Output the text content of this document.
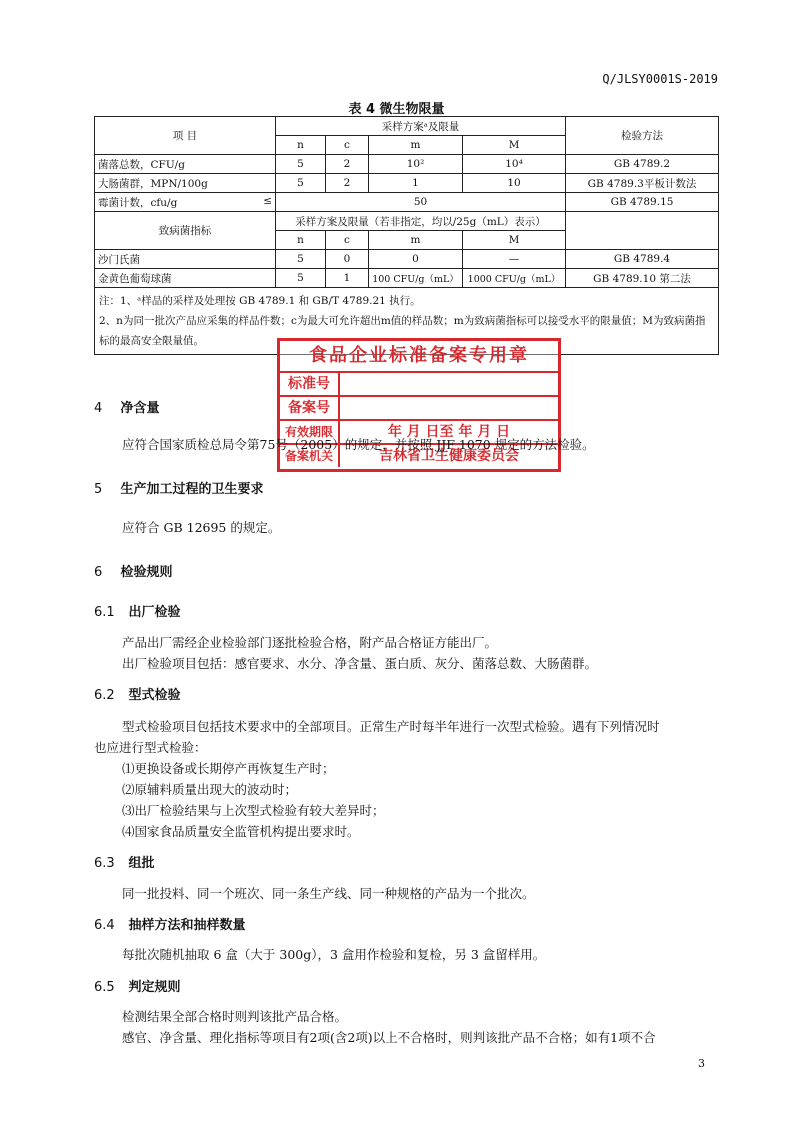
Q/JLSY0001S-2019
表 4 微生物限量
项 目	采样方案ᵃ及限量				检验方法
	n	c	m	M	
菌落总数，CFU/g	5	2	10²	10⁴	GB 4789.2
大肠菌群，MPN/100g	5	2	1	10	GB 4789.3平板计数法
霉菌计数，cfu/g ≤	50				GB 4789.15
致病菌指标	采样方案及限量（若非指定，均以/25g（mL）表示）				
	n	c	m	M	
沙门氏菌	5	0	0	—	GB 4789.4
金黄色葡萄球菌	5	1	100 CFU/g（mL）	1000 CFU/g（mL）	GB 4789.10 第二法

注：1、ᵃ样品的采样及处理按 GB 4789.1 和 GB/T 4789.21 执行。
2、n为同一批次产品应采集的样品件数；c为最大可允许超出m值的样品数；m为致病菌指标可以接受水平的限量值；M为致病菌指标的最高安全限量值。					
食品企业标准备案专用章
标准号
备案号
有效期限	年 月 日至 年 月 日
备案机关	吉林省卫生健康委员会
4 净含量
应符合国家质检总局令第75号（2005）的规定，并按照 JJF 1070 规定的方法检验。
5 生产加工过程的卫生要求
应符合 GB 12695 的规定。
6 检验规则
6.1 出厂检验
产品出厂需经企业检验部门逐批检验合格，附产品合格证方能出厂。
出厂检验项目包括：感官要求、水分、净含量、蛋白质、灰分、菌落总数、大肠菌群。
6.2 型式检验
型式检验项目包括技术要求中的全部项目。正常生产时每半年进行一次型式检验。遇有下列情况时
也应进行型式检验：
⑴更换设备或长期停产再恢复生产时；
⑵原辅料质量出现大的波动时；
⑶出厂检验结果与上次型式检验有较大差异时；
⑷国家食品质量安全监管机构提出要求时。
6.3 组批
同一批投料、同一个班次、同一条生产线、同一种规格的产品为一个批次。
6.4 抽样方法和抽样数量
每批次随机抽取 6 盒（大于 300g），3 盒用作检验和复检，另 3 盒留样用。
6.5 判定规则
检测结果全部合格时则判该批产品合格。
感官、净含量、理化指标等项目有2项(含2项)以上不合格时，则判该批产品不合格；如有1项不合
3
